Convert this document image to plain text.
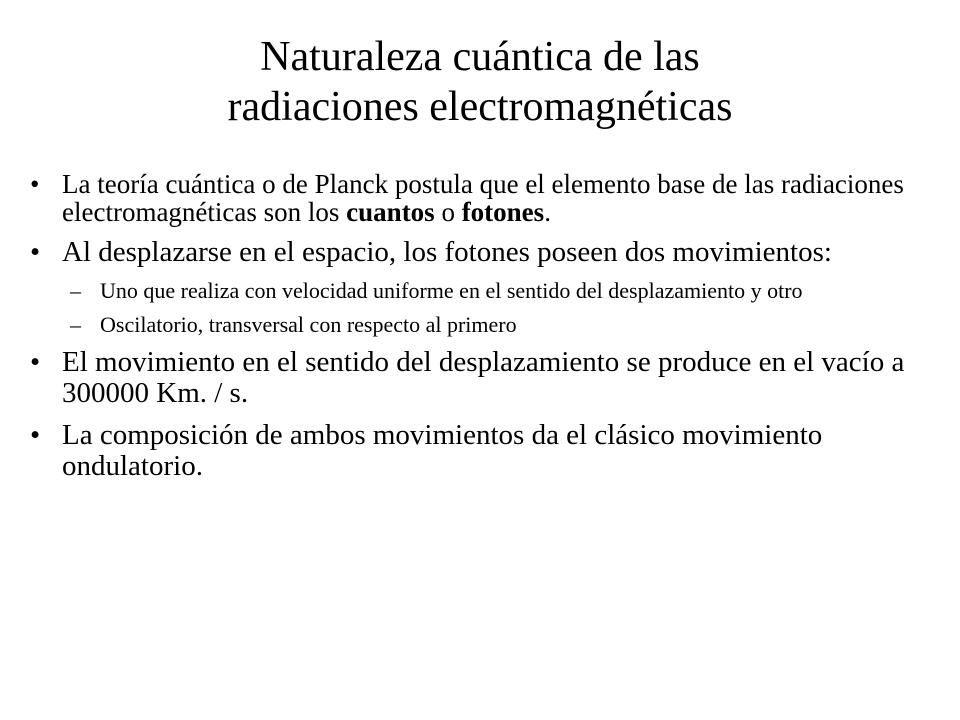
Naturaleza cuántica de las
radiaciones electromagnéticas
• La teoría cuántica o de Planck postula que el elemento base de las radiaciones electromagnéticas son los cuantos o fotones.
• Al desplazarse en el espacio, los fotones poseen dos movimientos:
– Uno que realiza con velocidad uniforme en el sentido del desplazamiento y otro
– Oscilatorio, transversal con respecto al primero
• El movimiento en el sentido del desplazamiento se produce en el vacío a 300000 Km. / s.
• La composición de ambos movimientos da el clásico movimiento ondulatorio.
